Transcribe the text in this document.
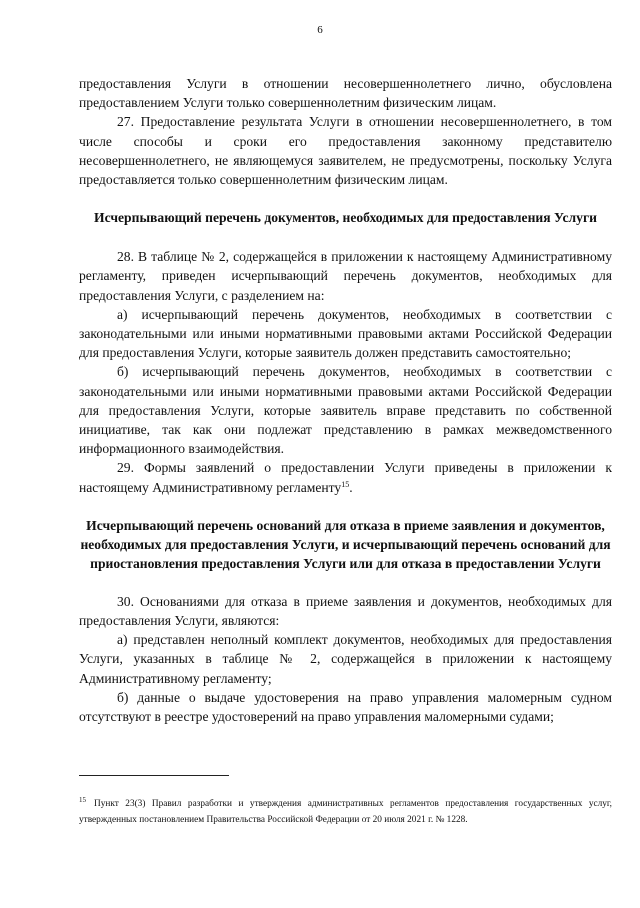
6

предоставления Услуги в отношении несовершеннолетнего лично, обусловлена предоставлением Услуги только совершеннолетним физическим лицам.

27. Предоставление результата Услуги в отношении несовершеннолетнего, в том числе способы и сроки его предоставления законному представителю несовершеннолетнего, не являющемуся заявителем, не предусмотрены, поскольку Услуга предоставляется только совершеннолетним физическим лицам.

Исчерпывающий перечень документов, необходимых для предоставления Услуги

28. В таблице № 2, содержащейся в приложении к настоящему Административному регламенту, приведен исчерпывающий перечень документов, необходимых для предоставления Услуги, с разделением на:

а) исчерпывающий перечень документов, необходимых в соответствии с законодательными или иными нормативными правовыми актами Российской Федерации для предоставления Услуги, которые заявитель должен представить самостоятельно;

б) исчерпывающий перечень документов, необходимых в соответствии с законодательными или иными нормативными правовыми актами Российской Федерации для предоставления Услуги, которые заявитель вправе представить по собственной инициативе, так как они подлежат представлению в рамках межведомственного информационного взаимодействия.

29. Формы заявлений о предоставлении Услуги приведены в приложении к настоящему Административному регламенту$^{15}$.

Исчерпывающий перечень оснований для отказа в приеме заявления и документов, необходимых для предоставления Услуги, и исчерпывающий перечень оснований для приостановления предоставления Услуги или для отказа в предоставлении Услуги

30. Основаниями для отказа в приеме заявления и документов, необходимых для предоставления Услуги, являются:

а) представлен неполный комплект документов, необходимых для предоставления Услуги, указанных в таблице № 2, содержащейся в приложении к настоящему Административному регламенту;

б) данные о выдаче удостоверения на право управления маломерным судном отсутствуют в реестре удостоверений на право управления маломерными судами;

$^{15}$ Пункт 23(3) Правил разработки и утверждения административных регламентов предоставления государственных услуг, утвержденных постановлением Правительства Российской Федерации от 20 июля 2021 г. № 1228.
